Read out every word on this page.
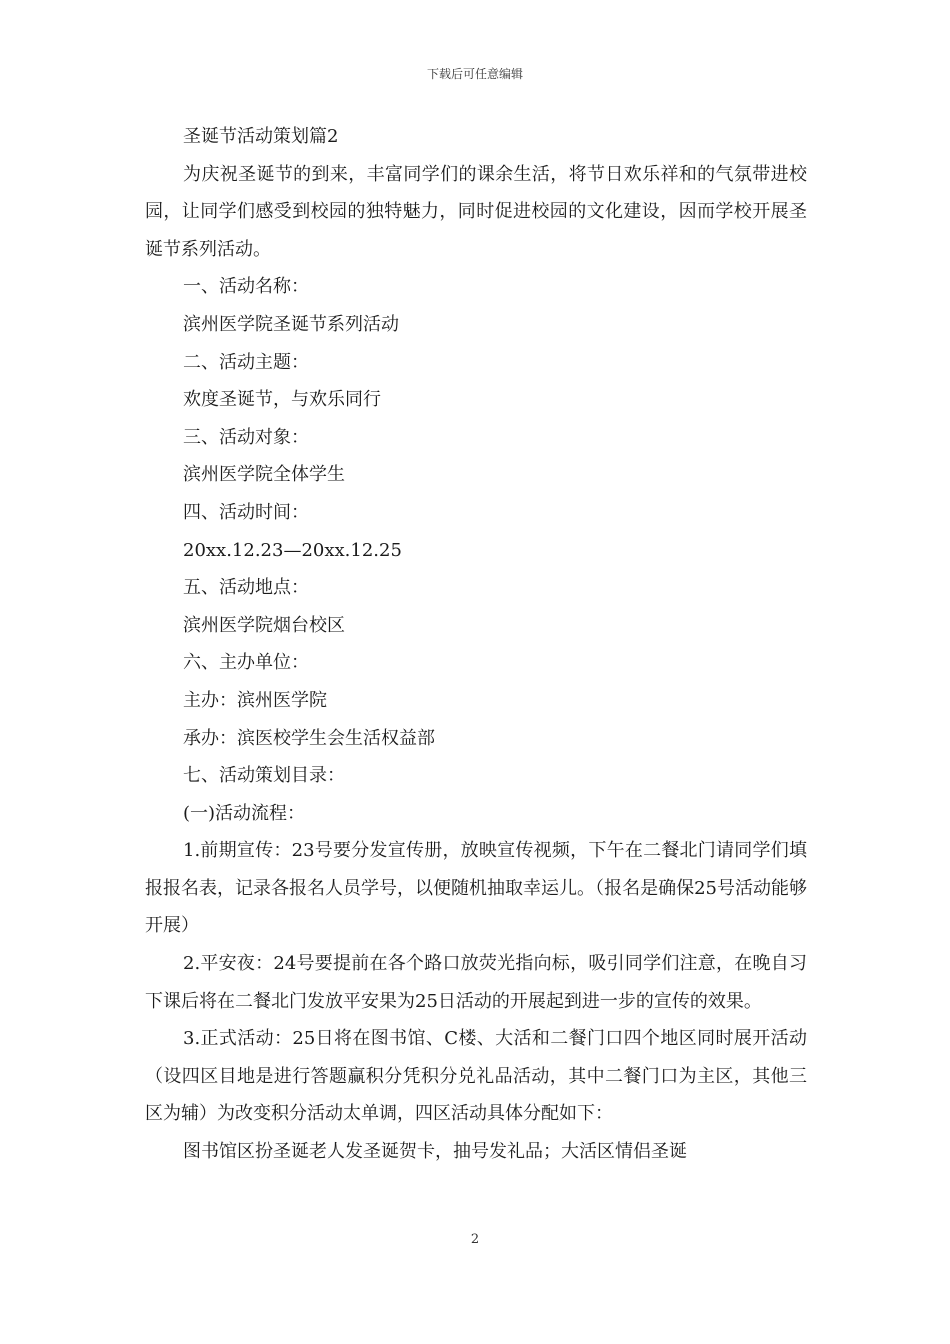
下载后可任意编辑

圣诞节活动策划篇2

为庆祝圣诞节的到来，丰富同学们的课余生活，将节日欢乐祥和的气氛带进校园，让同学们感受到校园的独特魅力，同时促进校园的文化建设，因而学校开展圣诞节系列活动。

一、活动名称：

滨州医学院圣诞节系列活动

二、活动主题：

欢度圣诞节，与欢乐同行

三、活动对象：

滨州医学院全体学生

四、活动时间：

20xx.12.23—20xx.12.25

五、活动地点：

滨州医学院烟台校区

六、主办单位：

主办：滨州医学院

承办：滨医校学生会生活权益部

七、活动策划目录：

(一)活动流程：

1.前期宣传：23号要分发宣传册，放映宣传视频，下午在二餐北门请同学们填报报名表，记录各报名人员学号，以便随机抽取幸运儿。（报名是确保25号活动能够开展）

2.平安夜：24号要提前在各个路口放荧光指向标，吸引同学们注意，在晚自习下课后将在二餐北门发放平安果为25日活动的开展起到进一步的宣传的效果。

3.正式活动：25日将在图书馆、C楼、大活和二餐门口四个地区同时展开活动（设四区目地是进行答题赢积分凭积分兑礼品活动，其中二餐门口为主区，其他三区为辅）为改变积分活动太单调，四区活动具体分配如下：

图书馆区扮圣诞老人发圣诞贺卡，抽号发礼品；大活区情侣圣诞

2
